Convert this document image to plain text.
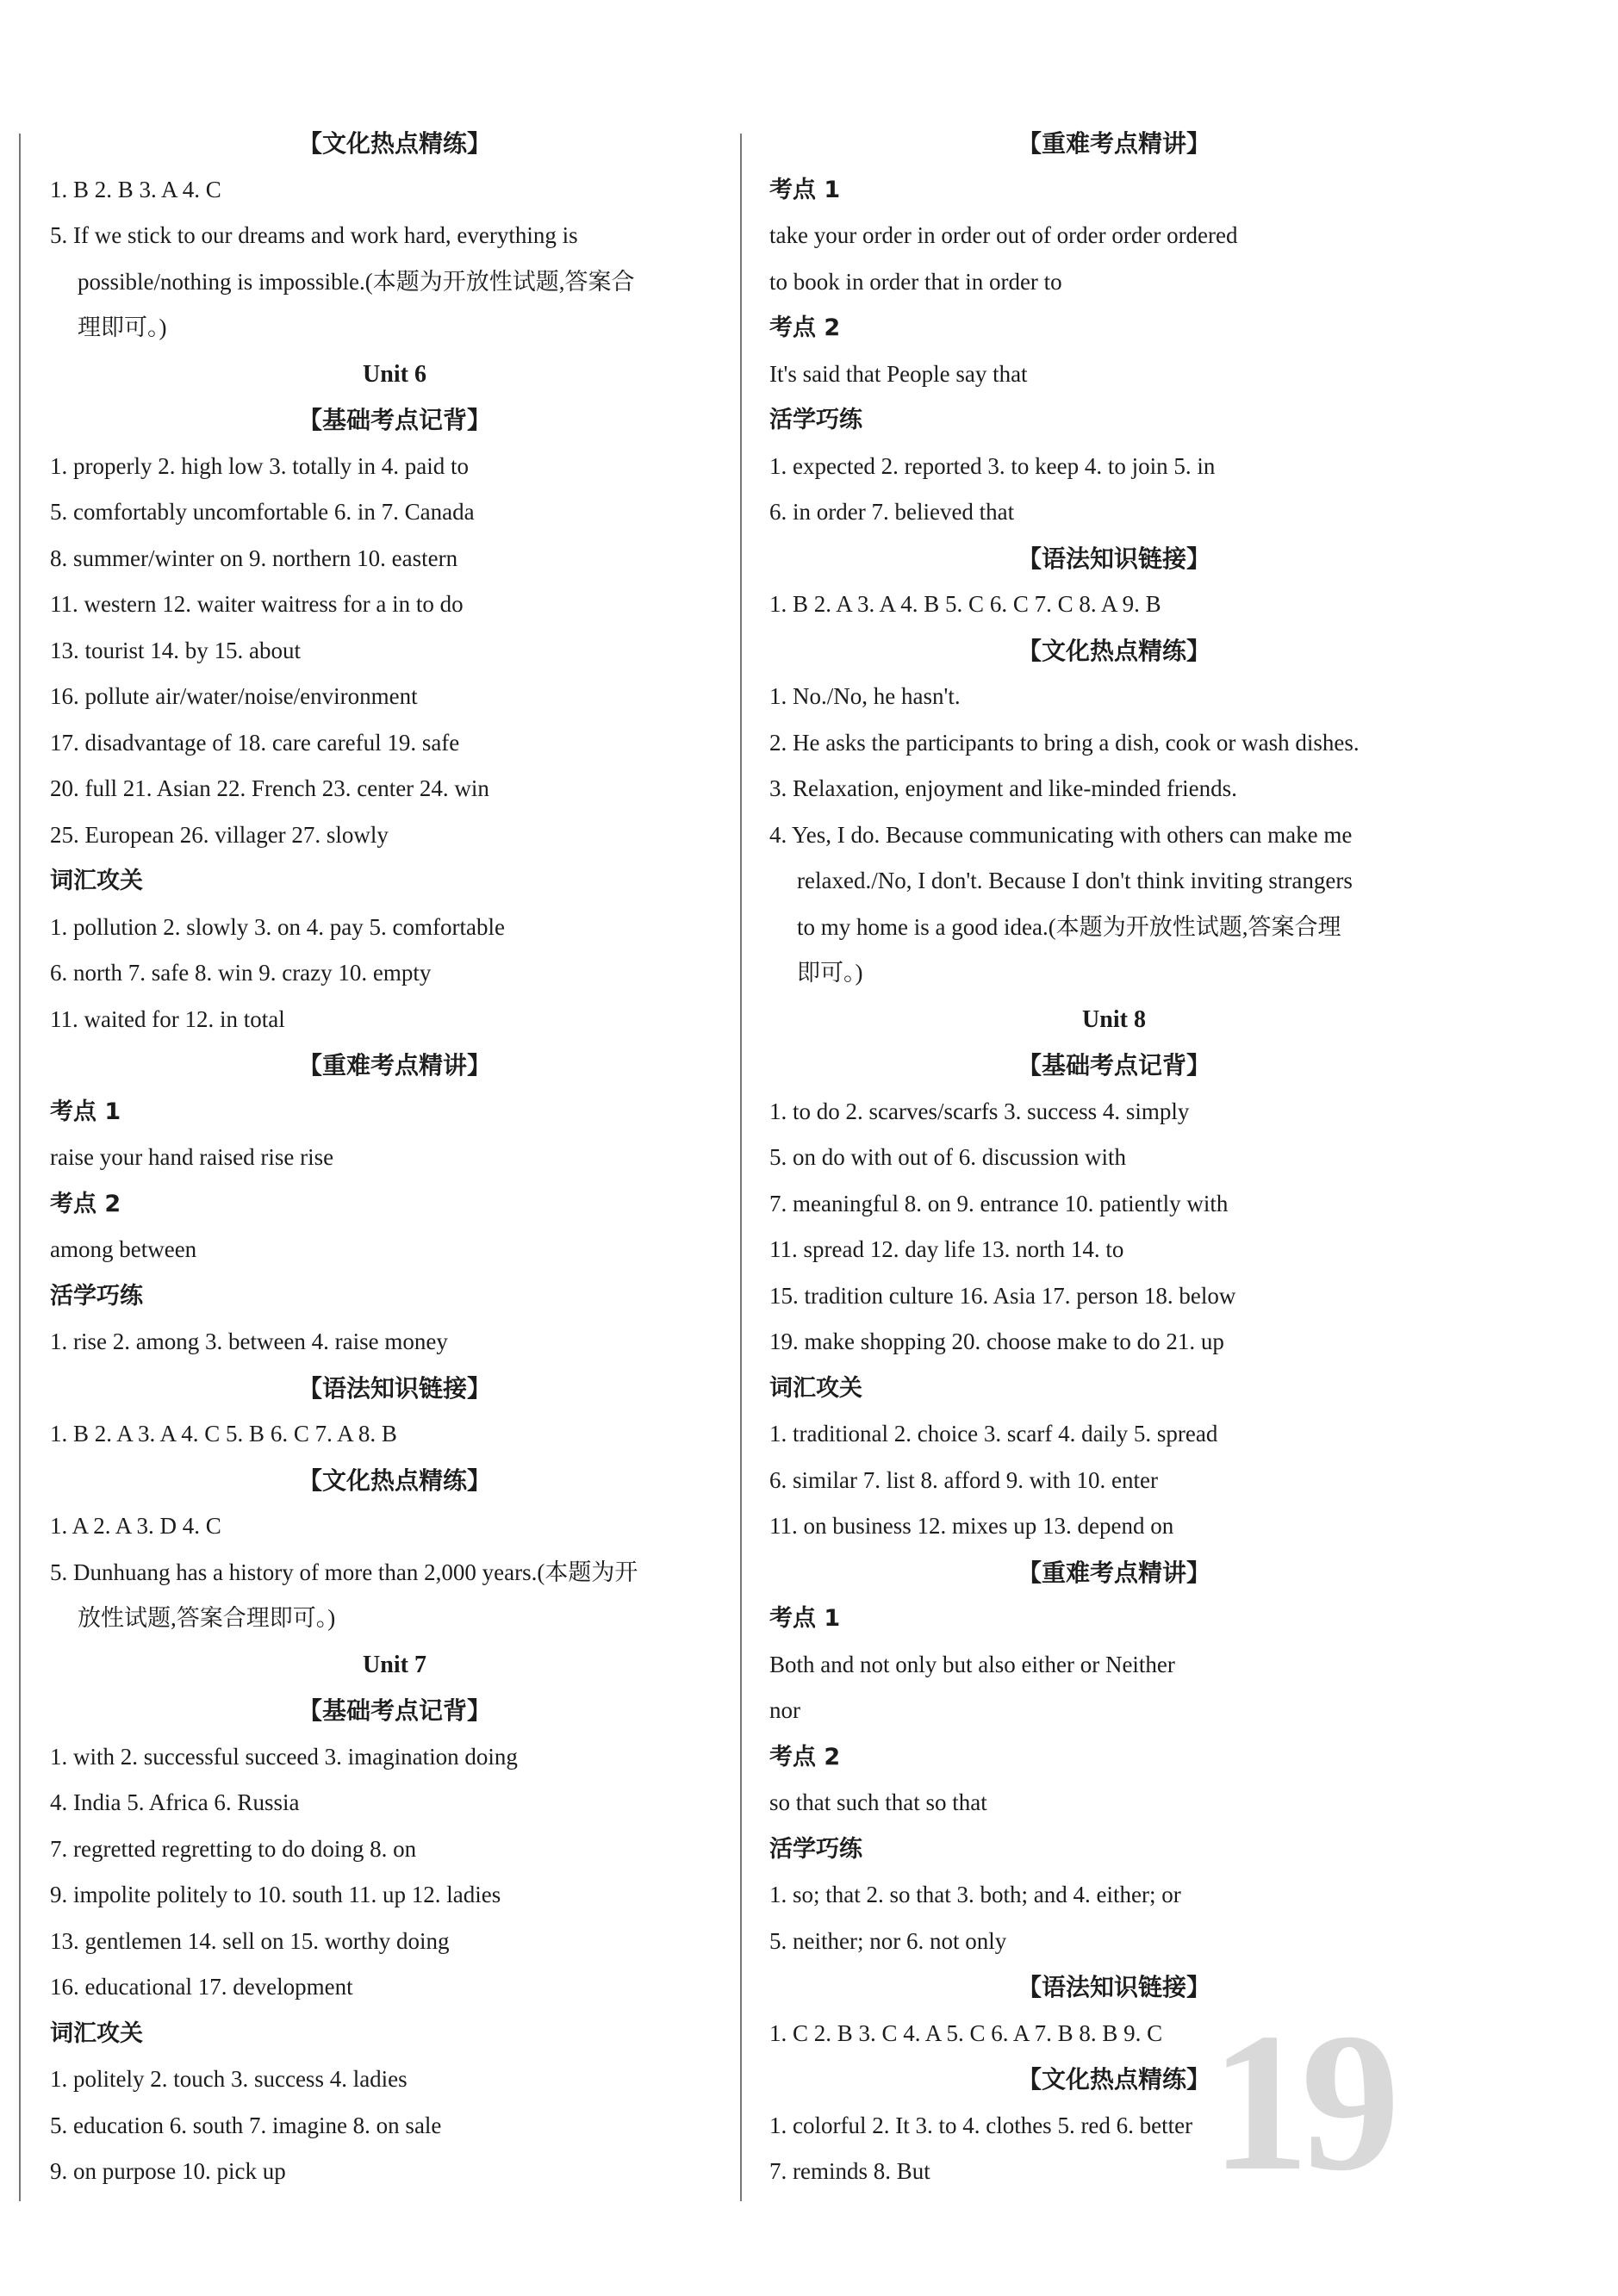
【文化热点精练】
1. B 2. B 3. A 4. C
5. If we stick to our dreams and work hard, everything is
possible/nothing is impossible.(本题为开放性试题,答案合
理即可。)
Unit 6
【基础考点记背】
1. properly 2. high low 3. totally in 4. paid to
5. comfortably uncomfortable 6. in 7. Canada
8. summer/winter on 9. northern 10. eastern
11. western 12. waiter waitress for a in to do
13. tourist 14. by 15. about
16. pollute air/water/noise/environment
17. disadvantage of 18. care careful 19. safe
20. full 21. Asian 22. French 23. center 24. win
25. European 26. villager 27. slowly
词汇攻关
1. pollution 2. slowly 3. on 4. pay 5. comfortable
6. north 7. safe 8. win 9. crazy 10. empty
11. waited for 12. in total
【重难考点精讲】
考点 1
raise your hand raised rise rise
考点 2
among between
活学巧练
1. rise 2. among 3. between 4. raise money
【语法知识链接】
1. B 2. A 3. A 4. C 5. B 6. C 7. A 8. B
【文化热点精练】
1. A 2. A 3. D 4. C
5. Dunhuang has a history of more than 2,000 years.(本题为开
放性试题,答案合理即可。)
Unit 7
【基础考点记背】
1. with 2. successful succeed 3. imagination doing
4. India 5. Africa 6. Russia
7. regretted regretting to do doing 8. on
9. impolite politely to 10. south 11. up 12. ladies
13. gentlemen 14. sell on 15. worthy doing
16. educational 17. development
词汇攻关
1. politely 2. touch 3. success 4. ladies
5. education 6. south 7. imagine 8. on sale
9. on purpose 10. pick up
【重难考点精讲】
考点 1
take your order in order out of order order ordered
to book in order that in order to
考点 2
It's said that People say that
活学巧练
1. expected 2. reported 3. to keep 4. to join 5. in
6. in order 7. believed that
【语法知识链接】
1. B 2. A 3. A 4. B 5. C 6. C 7. C 8. A 9. B
【文化热点精练】
1. No./No, he hasn't.
2. He asks the participants to bring a dish, cook or wash dishes.
3. Relaxation, enjoyment and like-minded friends.
4. Yes, I do. Because communicating with others can make me
relaxed./No, I don't. Because I don't think inviting strangers
to my home is a good idea.(本题为开放性试题,答案合理
即可。)
Unit 8
【基础考点记背】
1. to do 2. scarves/scarfs 3. success 4. simply
5. on do with out of 6. discussion with
7. meaningful 8. on 9. entrance 10. patiently with
11. spread 12. day life 13. north 14. to
15. tradition culture 16. Asia 17. person 18. below
19. make shopping 20. choose make to do 21. up
词汇攻关
1. traditional 2. choice 3. scarf 4. daily 5. spread
6. similar 7. list 8. afford 9. with 10. enter
11. on business 12. mixes up 13. depend on
【重难考点精讲】
考点 1
Both and not only but also either or Neither
nor
考点 2
so that such that so that
活学巧练
1. so; that 2. so that 3. both; and 4. either; or
5. neither; nor 6. not only
【语法知识链接】
1. C 2. B 3. C 4. A 5. C 6. A 7. B 8. B 9. C
【文化热点精练】
1. colorful 2. It 3. to 4. clothes 5. red 6. better
7. reminds 8. But	19
